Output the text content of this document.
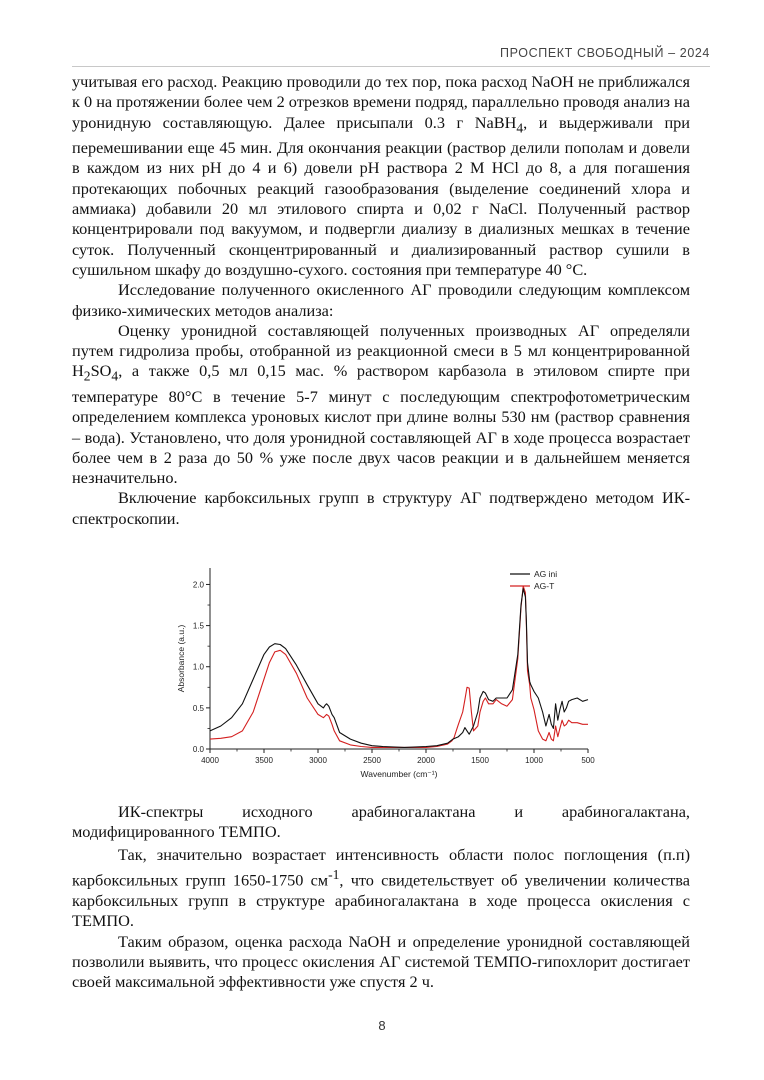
ПРОСПЕКТ СВОБОДНЫЙ – 2024

учитывая его расход. Реакцию проводили до тех пор, пока расход NaOH не приближался к 0 на протяжении более чем 2 отрезков времени подряд, параллельно проводя анализ на уронидную составляющую. Далее присыпали 0.3 г NaBH$_4$, и выдерживали при перемешивании еще 45 мин. Для окончания реакции (раствор делили пополам и довели в каждом из них pH до 4 и 6) довели pH раствора 2 М HCl до 8, а для погашения протекающих побочных реакций газообразования (выделение соединений хлора и аммиака) добавили 20 мл этилового спирта и 0,02 г NaCl. Полученный раствор концентрировали под вакуумом, и подвергли диализу в диализных мешках в течение суток. Полученный сконцентрированный и диализированный раствор сушили в сушильном шкафу до воздушно-сухого. состояния при температуре 40 °С.

Исследование полученного окисленного АГ проводили следующим комплексом физико-химических методов анализа:

Оценку уронидной составляющей полученных производных АГ определяли путем гидролиза пробы, отобранной из реакционной смеси в 5 мл концентрированной $H_2SO_4$, а также 0,5 мл 0,15 мас. % раствором карбазола в этиловом спирте при температуре 80°С в течение 5-7 минут с последующим спектрофотометрическим определением комплекса уроновых кислот при длине волны 530 нм (раствор сравнения – вода). Установлено, что доля уронидной составляющей АГ в ходе процесса возрастает более чем в 2 раза до 50 % уже после двух часов реакции и в дальнейшем меняется незначительно.

Включение карбоксильных групп в структуру АГ подтверждено методом ИК-спектроскопии.

4000	3500	3000	2500	2000	1500	1000	500
0.0
0.5
1.0
1.5
2.0
Wavenumber (cm⁻¹)
Absorbance (a.u.)
AG ini
AG-T

ИК-спектры исходного арабиногалактана и арабиногалактана, модифицированного ТЕМПО.

Так, значительно возрастает интенсивность области полос поглощения (п.п) карбоксильных групп 1650-1750 $см^{-1}$, что свидетельствует об увеличении количества карбоксильных групп в структуре арабиногалактана в ходе процесса окисления с ТЕМПО.

Таким образом, оценка расхода NaOH и определение уронидной составляющей позволили выявить, что процесс окисления АГ системой ТЕМПО-гипохлорит достигает своей максимальной эффективности уже спустя 2 ч.

8
